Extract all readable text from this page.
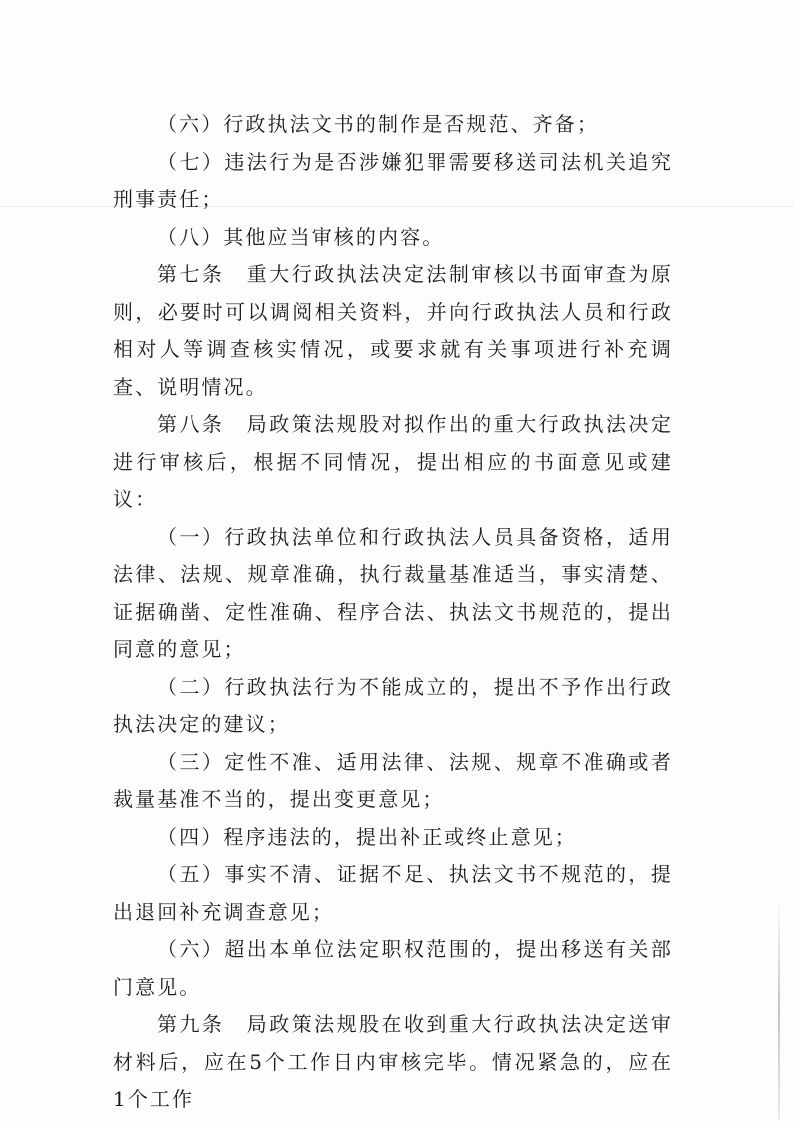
（六）行政执法文书的制作是否规范、齐备；

（七）违法行为是否涉嫌犯罪需要移送司法机关追究刑事责任；

（八）其他应当审核的内容。

第七条　重大行政执法决定法制审核以书面审查为原则，必要时可以调阅相关资料，并向行政执法人员和行政相对人等调查核实情况，或要求就有关事项进行补充调查、说明情况。

第八条　局政策法规股对拟作出的重大行政执法决定进行审核后，根据不同情况，提出相应的书面意见或建议：

（一）行政执法单位和行政执法人员具备资格，适用法律、法规、规章准确，执行裁量基准适当，事实清楚、证据确凿、定性准确、程序合法、执法文书规范的，提出同意的意见；

（二）行政执法行为不能成立的，提出不予作出行政执法决定的建议；

（三）定性不准、适用法律、法规、规章不准确或者裁量基准不当的，提出变更意见；

（四）程序违法的，提出补正或终止意见；

（五）事实不清、证据不足、执法文书不规范的，提出退回补充调查意见；

（六）超出本单位法定职权范围的，提出移送有关部门意见。

第九条　局政策法规股在收到重大行政执法决定送审材料后，应在5个工作日内审核完毕。情况紧急的，应在1个工作
